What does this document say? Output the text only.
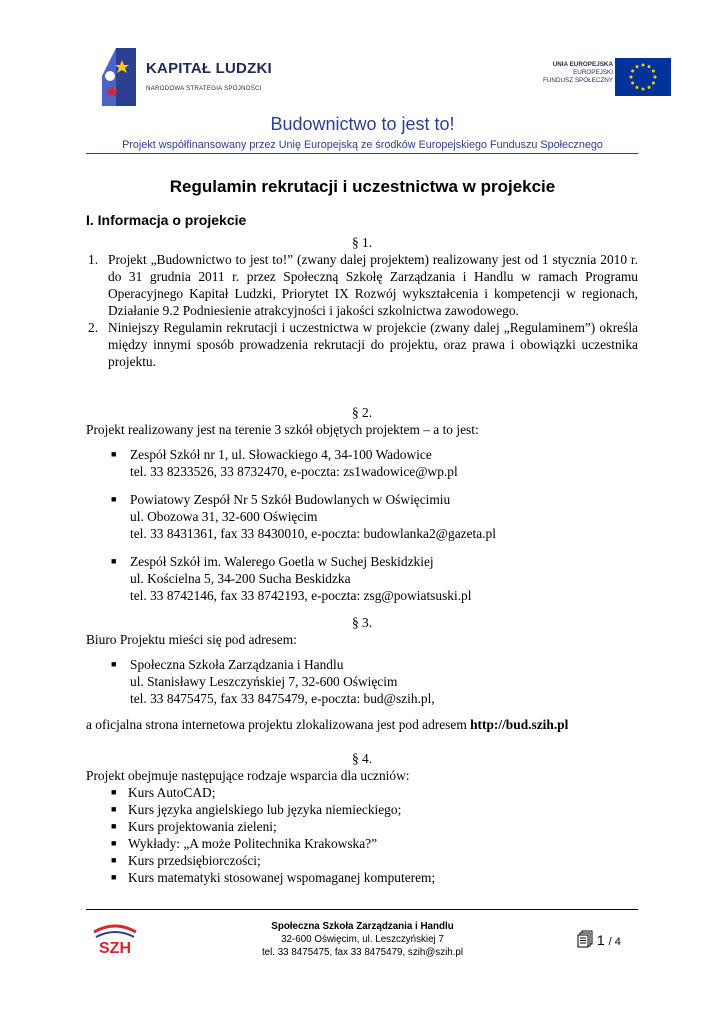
KAPITAŁ LUDZKI
NARODOWA STRATEGIA SPÓJNOŚCI
UNIA EUROPEJSKA
EUROPEJSKI
FUNDUSZ SPOŁECZNY
Budownictwo to jest to!
Projekt współfinansowany przez Unię Europejską ze środków Europejskiego Funduszu Społecznego
Regulamin rekrutacji i uczestnictwa w projekcie
I. Informacja o projekcie
§ 1.
1. Projekt „Budownictwo to jest to!” (zwany dalej projektem) realizowany jest od 1 stycznia 2010 r. do 31 grudnia 2011 r. przez Społeczną Szkołę Zarządzania i Handlu w ramach Programu Operacyjnego Kapitał Ludzki, Priorytet IX Rozwój wykształcenia i kompetencji w regionach, Działanie 9.2 Podniesienie atrakcyjności i jakości szkolnictwa zawodowego.
2. Niniejszy Regulamin rekrutacji i uczestnictwa w projekcie (zwany dalej „Regulaminem”) określa między innymi sposób prowadzenia rekrutacji do projektu, oraz prawa i obowiązki uczestnika projektu.
§ 2.
Projekt realizowany jest na terenie 3 szkół objętych projektem – a to jest:
■ Zespół Szkół nr 1, ul. Słowackiego 4, 34-100 Wadowice
tel. 33 8233526, 33 8732470, e-poczta: zs1wadowice@wp.pl
■ Powiatowy Zespół Nr 5 Szkół Budowlanych w Oświęcimiu
ul. Obozowa 31, 32-600 Oświęcim
tel. 33 8431361, fax 33 8430010, e-poczta: budowlanka2@gazeta.pl
■ Zespół Szkół im. Walerego Goetla w Suchej Beskidzkiej
ul. Kościelna 5, 34-200 Sucha Beskidzka
tel. 33 8742146, fax 33 8742193, e-poczta: zsg@powiatsuski.pl
§ 3.
Biuro Projektu mieści się pod adresem:
■ Społeczna Szkoła Zarządzania i Handlu
ul. Stanisławy Leszczyńskiej 7, 32-600 Oświęcim
tel. 33 8475475, fax 33 8475479, e-poczta: bud@szih.pl,
a oficjalna strona internetowa projektu zlokalizowana jest pod adresem http://bud.szih.pl
§ 4.
Projekt obejmuje następujące rodzaje wsparcia dla uczniów:
■ Kurs AutoCAD;
■ Kurs języka angielskiego lub języka niemieckiego;
■ Kurs projektowania zieleni;
■ Wykłady: „A może Politechnika Krakowska?”
■ Kurs przedsiębiorczości;
■ Kurs matematyki stosowanej wspomaganej komputerem;
SZH
Społeczna Szkoła Zarządzania i Handlu
32-600 Oświęcim, ul. Leszczyńskiej 7
tel. 33 8475475, fax 33 8475479, szih@szih.pl
1 / 4
